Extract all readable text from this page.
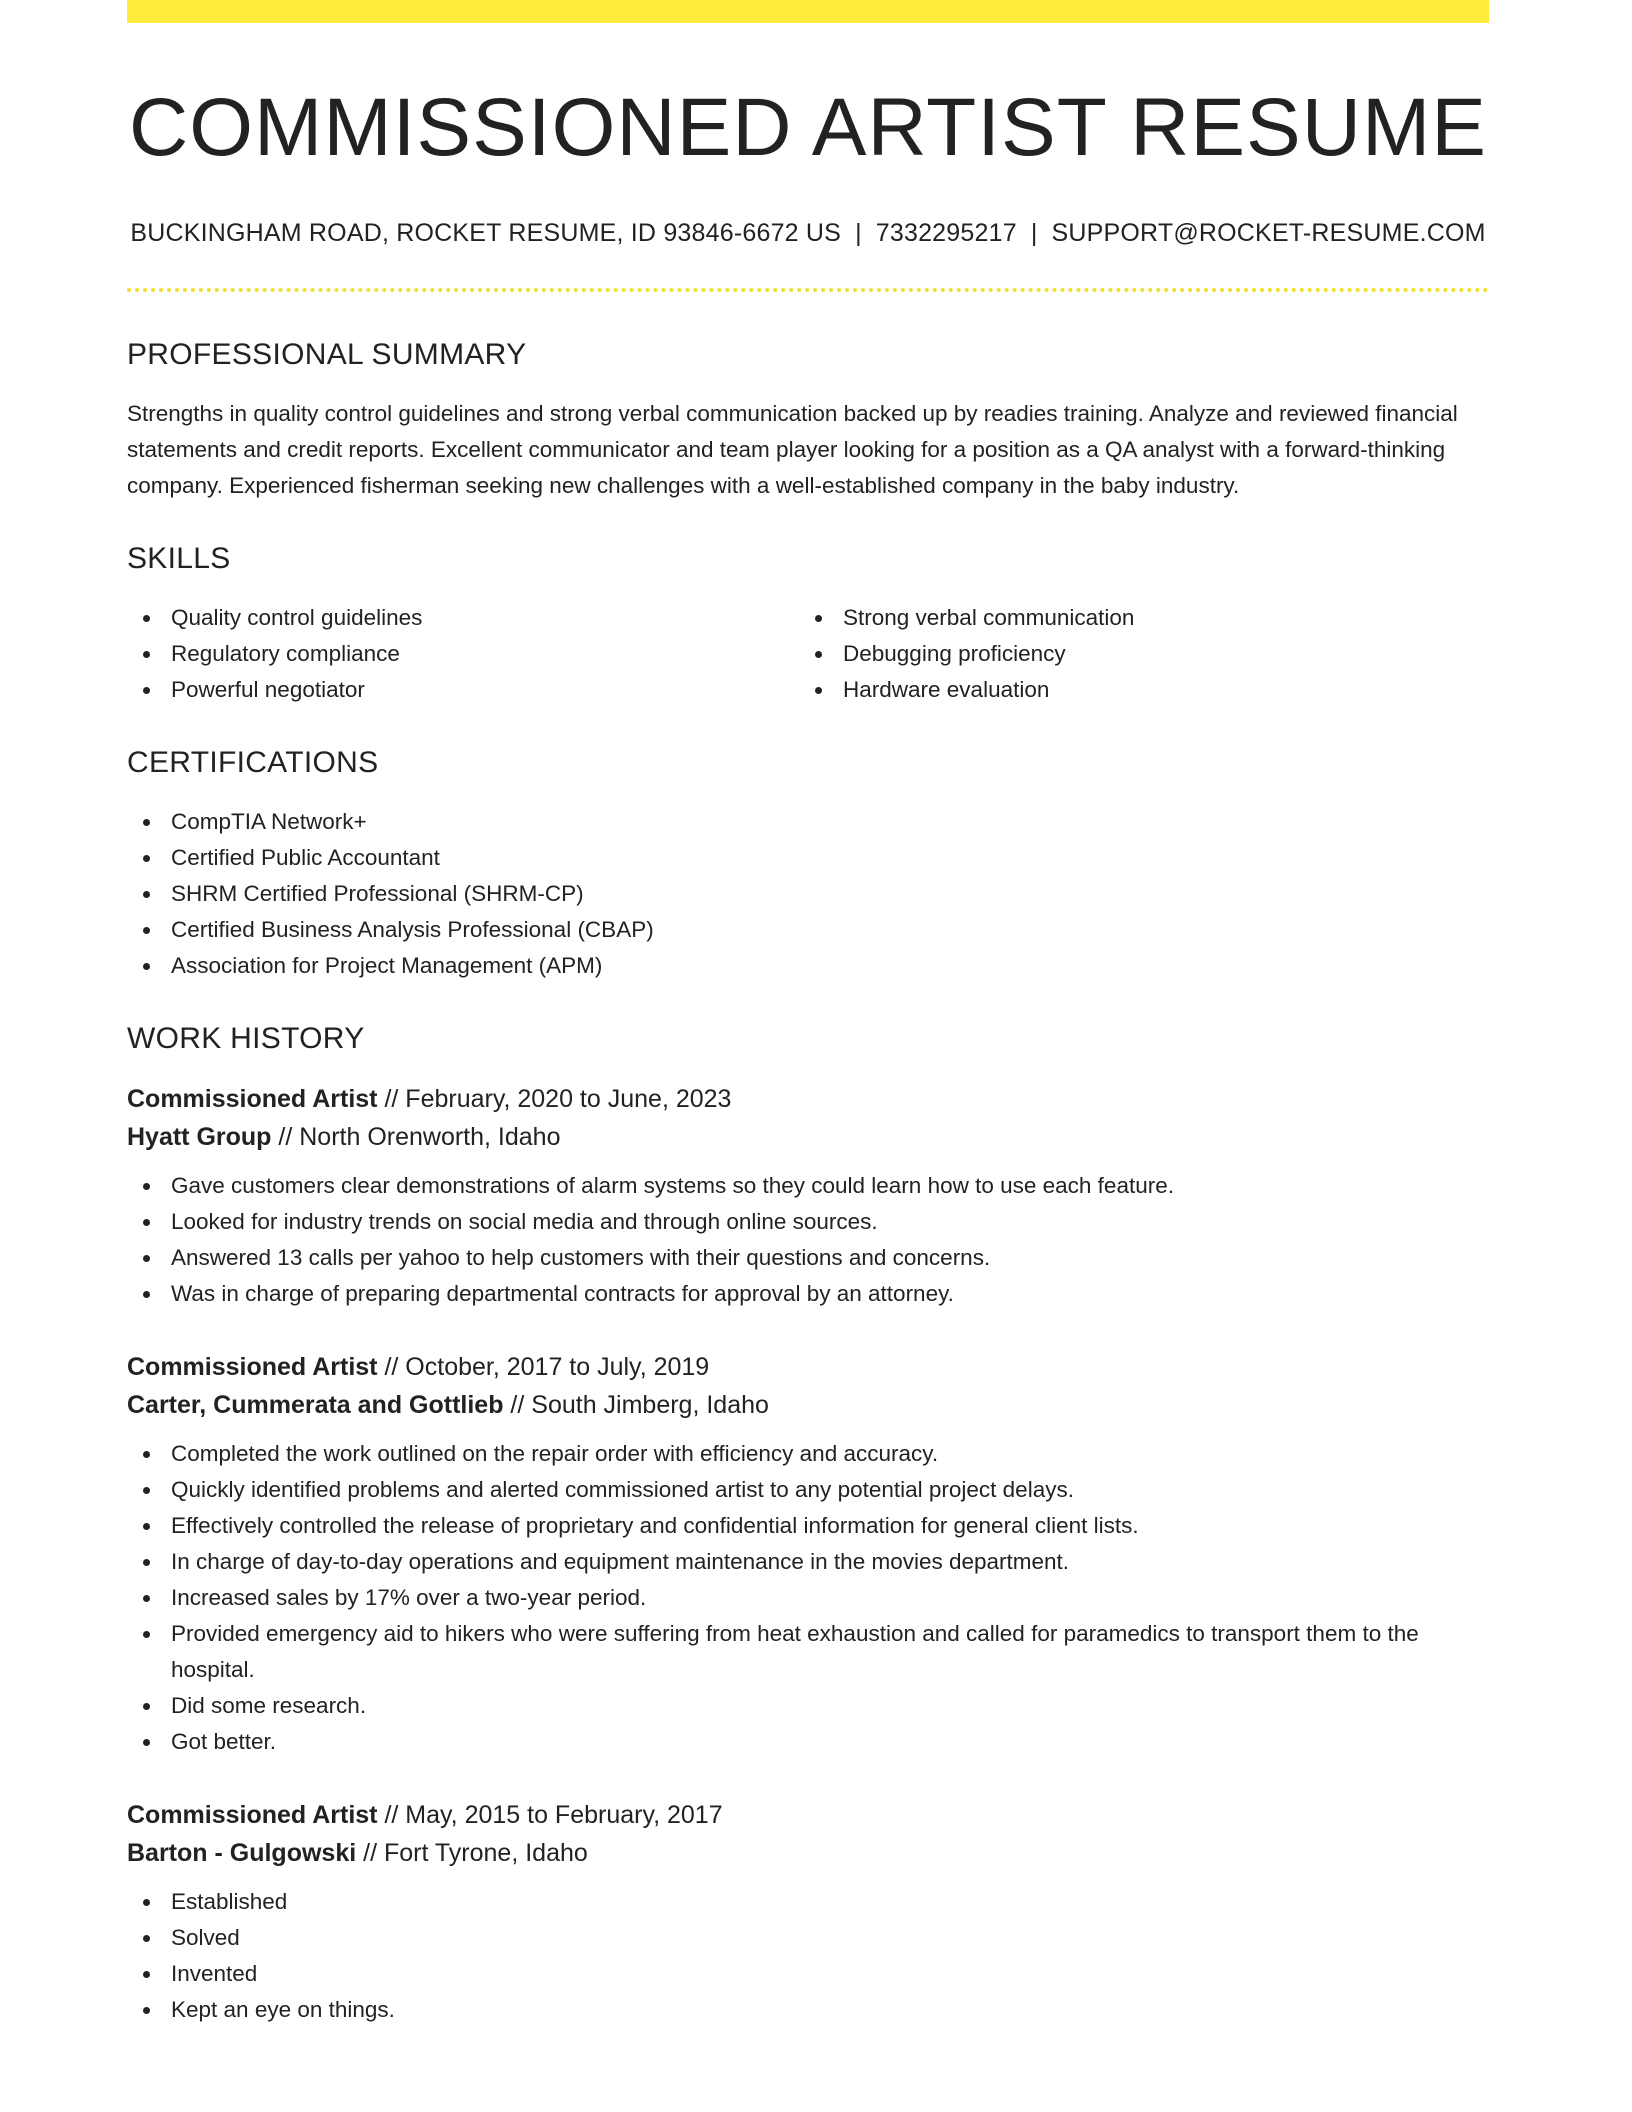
COMMISSIONED ARTIST RESUME
BUCKINGHAM ROAD, ROCKET RESUME, ID 93846-6672 US | 7332295217 | SUPPORT@ROCKET-RESUME.COM
PROFESSIONAL SUMMARY

Strengths in quality control guidelines and strong verbal communication backed up by readies training. Analyze and reviewed financial statements and credit reports. Excellent communicator and team player looking for a position as a QA analyst with a forward-thinking company. Experienced fisherman seeking new challenges with a well-established company in the baby industry.

SKILLS
Quality control guidelines
Regulatory compliance
Powerful negotiator
Strong verbal communication
Debugging proficiency
Hardware evaluation
CERTIFICATIONS
CompTIA Network+
Certified Public Accountant
SHRM Certified Professional (SHRM-CP)
Certified Business Analysis Professional (CBAP)
Association for Project Management (APM)
WORK HISTORY
Commissioned Artist // February, 2020 to June, 2023
Hyatt Group // North Orenworth, Idaho
Gave customers clear demonstrations of alarm systems so they could learn how to use each feature.
Looked for industry trends on social media and through online sources.
Answered 13 calls per yahoo to help customers with their questions and concerns.
Was in charge of preparing departmental contracts for approval by an attorney.
Commissioned Artist // October, 2017 to July, 2019
Carter, Cummerata and Gottlieb // South Jimberg, Idaho
Completed the work outlined on the repair order with efficiency and accuracy.
Quickly identified problems and alerted commissioned artist to any potential project delays.
Effectively controlled the release of proprietary and confidential information for general client lists.
In charge of day-to-day operations and equipment maintenance in the movies department.
Increased sales by 17% over a two-year period.
Provided emergency aid to hikers who were suffering from heat exhaustion and called for paramedics to transport them to the hospital.
Did some research.
Got better.
Commissioned Artist // May, 2015 to February, 2017
Barton - Gulgowski // Fort Tyrone, Idaho
Established
Solved
Invented
Kept an eye on things.
